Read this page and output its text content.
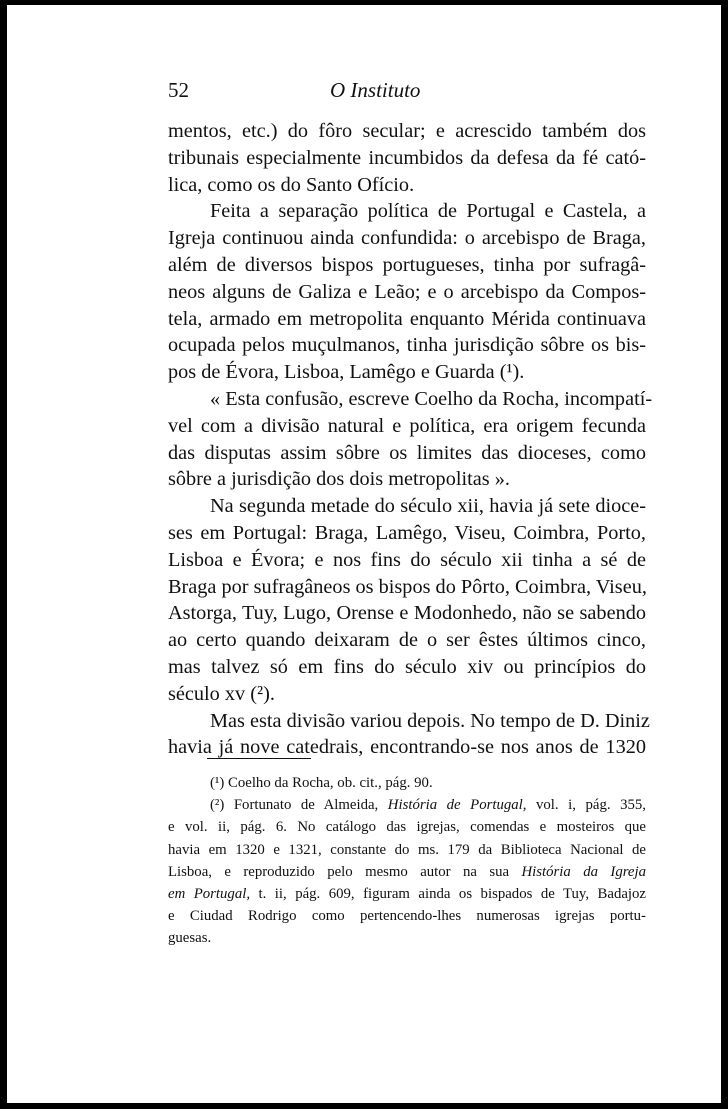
52	O Instituto
mentos, etc.) do fôro secular; e acrescido também dos
tribunais especialmente incumbidos da defesa da fé cató-
lica, como os do Santo Ofício.
Feita a separação política de Portugal e Castela, a
Igreja continuou ainda confundida: o arcebispo de Braga,
além de diversos bispos portugueses, tinha por sufragâ-
neos alguns de Galiza e Leão; e o arcebispo da Compos-
tela, armado em metropolita enquanto Mérida continuava
ocupada pelos muçulmanos, tinha jurisdição sôbre os bis-
pos de Évora, Lisboa, Lamêgo e Guarda (¹).
« Esta confusão, escreve Coelho da Rocha, incompatí-
vel com a divisão natural e política, era origem fecunda
das disputas assim sôbre os limites das dioceses, como
sôbre a jurisdição dos dois metropolitas ».
Na segunda metade do século xii, havia já sete dioce-
ses em Portugal: Braga, Lamêgo, Viseu, Coimbra, Porto,
Lisboa e Évora; e nos fins do século xii tinha a sé de
Braga por sufragâneos os bispos do Pôrto, Coimbra, Viseu,
Astorga, Tuy, Lugo, Orense e Modonhedo, não se sabendo
ao certo quando deixaram de o ser êstes últimos cinco,
mas talvez só em fins do século xiv ou princípios do
século xv (²).
Mas esta divisão variou depois. No tempo de D. Diniz
havia já nove catedrais, encontrando-se nos anos de 1320
(¹) Coelho da Rocha, ob. cit., pág. 90.
(²) Fortunato de Almeida, História de Portugal, vol. i, pág. 355,
e vol. ii, pág. 6. No catálogo das igrejas, comendas e mosteiros que
havia em 1320 e 1321, constante do ms. 179 da Biblioteca Nacional de
Lisboa, e reproduzido pelo mesmo autor na sua História da Igreja
em Portugal, t. ii, pág. 609, figuram ainda os bispados de Tuy, Badajoz
e Ciudad Rodrigo como pertencendo-lhes numerosas igrejas portu-
guesas.
